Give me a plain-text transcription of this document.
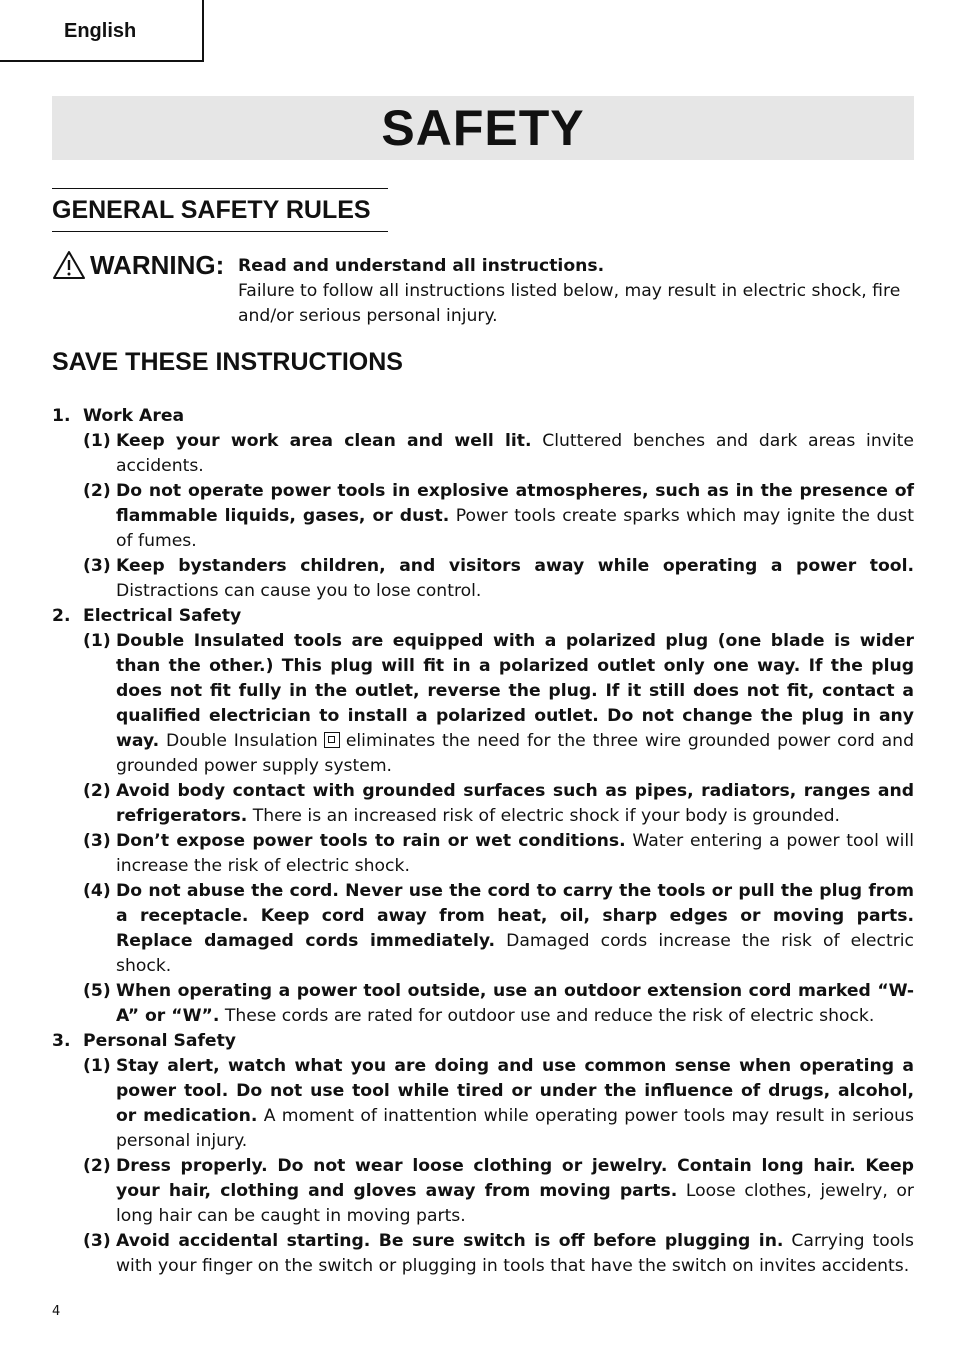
English
SAFETY
GENERAL SAFETY RULES
WARNING: Read and understand all instructions.
Failure to follow all instructions listed below, may result in electric shock, fire and/or serious personal injury.
SAVE THESE INSTRUCTIONS
1. Work Area
(1) Keep your work area clean and well lit. Cluttered benches and dark areas invite accidents.
(2) Do not operate power tools in explosive atmospheres, such as in the presence of flammable liquids, gases, or dust. Power tools create sparks which may ignite the dust of fumes.
(3) Keep bystanders children, and visitors away while operating a power tool. Distractions can cause you to lose control.
2. Electrical Safety
(1) Double Insulated tools are equipped with a polarized plug (one blade is wider than the other.) This plug will fit in a polarized outlet only one way. If the plug does not fit fully in the outlet, reverse the plug. If it still does not fit, contact a qualified electrician to install a polarized outlet. Do not change the plug in any way. Double Insulation eliminates the need for the three wire grounded power cord and grounded power supply system.
(2) Avoid body contact with grounded surfaces such as pipes, radiators, ranges and refrigerators. There is an increased risk of electric shock if your body is grounded.
(3) Don’t expose power tools to rain or wet conditions. Water entering a power tool will increase the risk of electric shock.
(4) Do not abuse the cord. Never use the cord to carry the tools or pull the plug from a receptacle. Keep cord away from heat, oil, sharp edges or moving parts. Replace damaged cords immediately. Damaged cords increase the risk of electric shock.
(5) When operating a power tool outside, use an outdoor extension cord marked “W-A” or “W”. These cords are rated for outdoor use and reduce the risk of electric shock.
3. Personal Safety
(1) Stay alert, watch what you are doing and use common sense when operating a power tool. Do not use tool while tired or under the influence of drugs, alcohol, or medication. A moment of inattention while operating power tools may result in serious personal injury.
(2) Dress properly. Do not wear loose clothing or jewelry. Contain long hair. Keep your hair, clothing and gloves away from moving parts. Loose clothes, jewelry, or long hair can be caught in moving parts.
(3) Avoid accidental starting. Be sure switch is off before plugging in. Carrying tools with your finger on the switch or plugging in tools that have the switch on invites accidents.
4
